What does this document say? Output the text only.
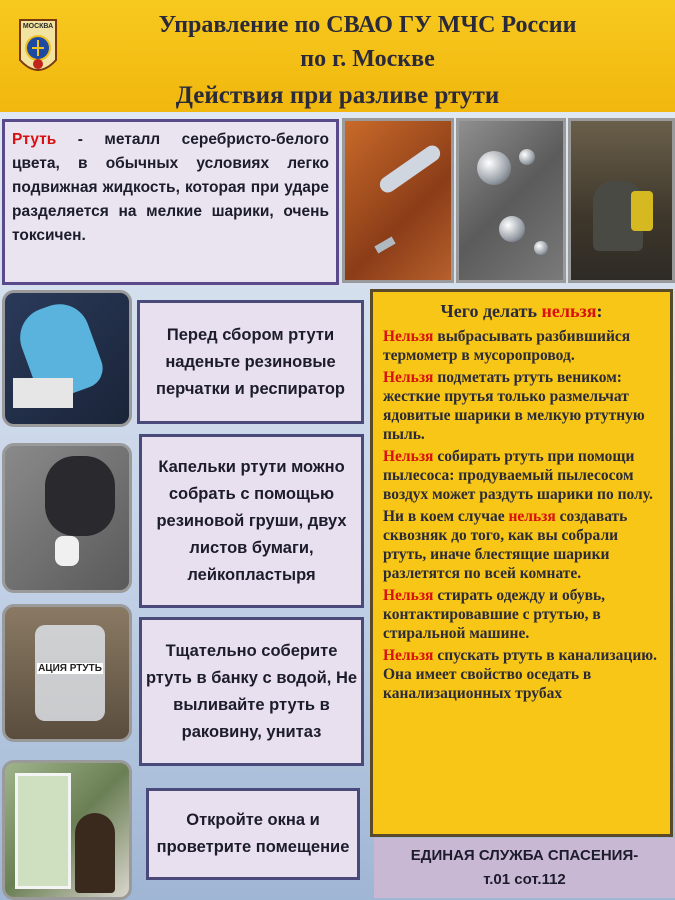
МОСКВА	Управление по СВАО ГУ МЧС России
по г. Москве
Действия при разливе ртути
Ртуть - металл серебристо-белого цвета, в обычных условиях легко подвижная жидкость, которая при ударе разделяется на мелкие шарики, очень токсичен.
АЦИЯ РТУТЬ
Перед сбором ртути наденьте резиновые перчатки и респиратор
Капельки ртути можно собрать с помощью резиновой груши, двух листов бумаги, лейкопластыря
Тщательно соберите ртуть в банку с водой, Не выливайте ртуть в раковину, унитаз
Откройте окна и проветрите помещение
Чего делать нельзя:

Нельзя выбрасывать разбившийся термометр в мусоропровод.

Нельзя подметать ртуть веником: жесткие прутья только размельчат ядовитые шарики в мелкую ртутную пыль.

Нельзя собирать ртуть при помощи пылесоса: продуваемый пылесосом воздух может раздуть шарики по полу.

Ни в коем случае нельзя создавать сквозняк до того, как вы собрали ртуть, иначе блестящие шарики разлетятся по всей комнате.

Нельзя стирать одежду и обувь, контактировавшие с ртутью, в стиральной машине.

Нельзя спускать ртуть в канализацию. Она имеет свойство оседать в канализационных трубах

ЕДИНАЯ СЛУЖБА СПАСЕНИЯ-
т.01 сот.112
